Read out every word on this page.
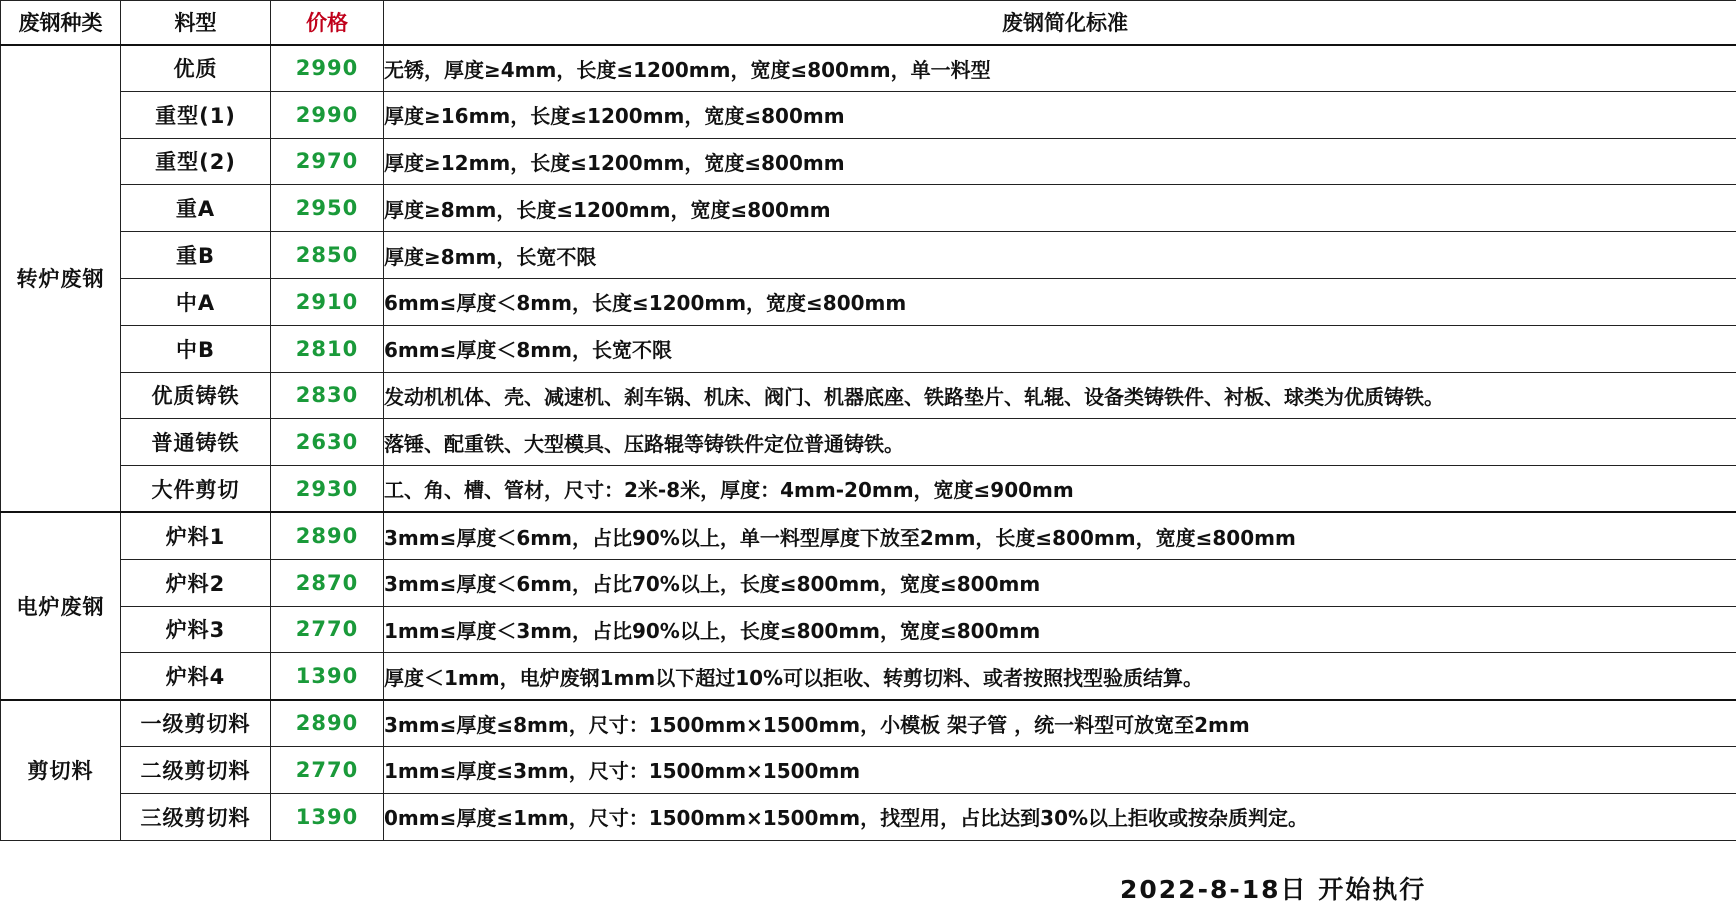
废钢种类	料型	价格	废钢简化标准
转炉废钢	优质	2990	无锈，厚度≥4mm，长度≤1200mm，宽度≤800mm，单一料型
	重型(1)	2990	厚度≥16mm，长度≤1200mm，宽度≤800mm
	重型(2)	2970	厚度≥12mm，长度≤1200mm，宽度≤800mm
	重A	2950	厚度≥8mm，长度≤1200mm，宽度≤800mm
	重B	2850	厚度≥8mm，长宽不限
	中A	2910	6mm≤厚度＜8mm，长度≤1200mm，宽度≤800mm
	中B	2810	6mm≤厚度＜8mm，长宽不限
	优质铸铁	2830	发动机机体、壳、减速机、刹车锅、机床、阀门、机器底座、铁路垫片、轧辊、设备类铸铁件、衬板、球类为优质铸铁。
	普通铸铁	2630	落锤、配重铁、大型模具、压路辊等铸铁件定位普通铸铁。
	大件剪切	2930	工、角、槽、管材，尺寸：2米-8米，厚度：4mm-20mm，宽度≤900mm
电炉废钢	炉料1	2890	3mm≤厚度＜6mm，占比90%以上，单一料型厚度下放至2mm，长度≤800mm，宽度≤800mm
	炉料2	2870	3mm≤厚度＜6mm，占比70%以上，长度≤800mm，宽度≤800mm
	炉料3	2770	1mm≤厚度＜3mm，占比90%以上，长度≤800mm，宽度≤800mm
	炉料4	1390	厚度＜1mm，电炉废钢1mm以下超过10%可以拒收、转剪切料、或者按照找型验质结算。
剪切料	一级剪切料	2890	3mm≤厚度≤8mm，尺寸：1500mm×1500mm，小模板 架子管 ，统一料型可放宽至2mm
	二级剪切料	2770	1mm≤厚度≤3mm，尺寸：1500mm×1500mm
	三级剪切料	1390	0mm≤厚度≤1mm，尺寸：1500mm×1500mm，找型用，占比达到30%以上拒收或按杂质判定。
2022-8-18日 开始执行
